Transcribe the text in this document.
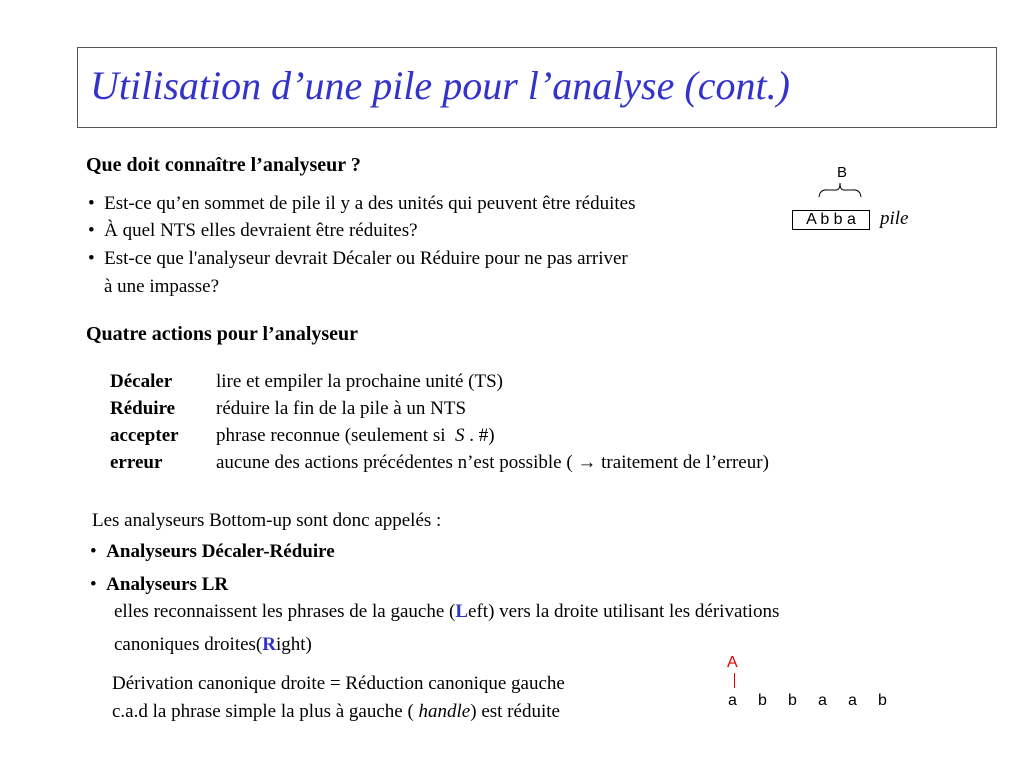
Utilisation d’une pile pour l’analyse (cont.)
Que doit connaître l’analyseur ?
•  Est-ce qu’en sommet de pile il y a des unités qui peuvent être réduites
•  À quel NTS elles devraient être réduites?
•  Est-ce que l'analyseur devrait Décaler ou Réduire pour ne pas arriver
à une impasse?
B
A b b a	pile
Quatre actions pour l’analyseur
Décaler lire et empiler la prochaine unité (TS)
Réduire réduire la fin de la pile à un NTS
accepter phrase reconnue (seulement si S . #)
erreur	aucune des actions précédentes n’est possible ( → traitement de l’erreur)
Les analyseurs Bottom-up sont donc appelés :
•  Analyseurs Décaler-Réduire
•  Analyseurs LR
elles reconnaissent les phrases de la gauche (Left) vers la droite utilisant les dérivations
canoniques droites(Right)
Dérivation canonique droite = Réduction canonique gauche
c.a.d la phrase simple la plus à gauche ( handle) est réduite
A
a b b a a b
